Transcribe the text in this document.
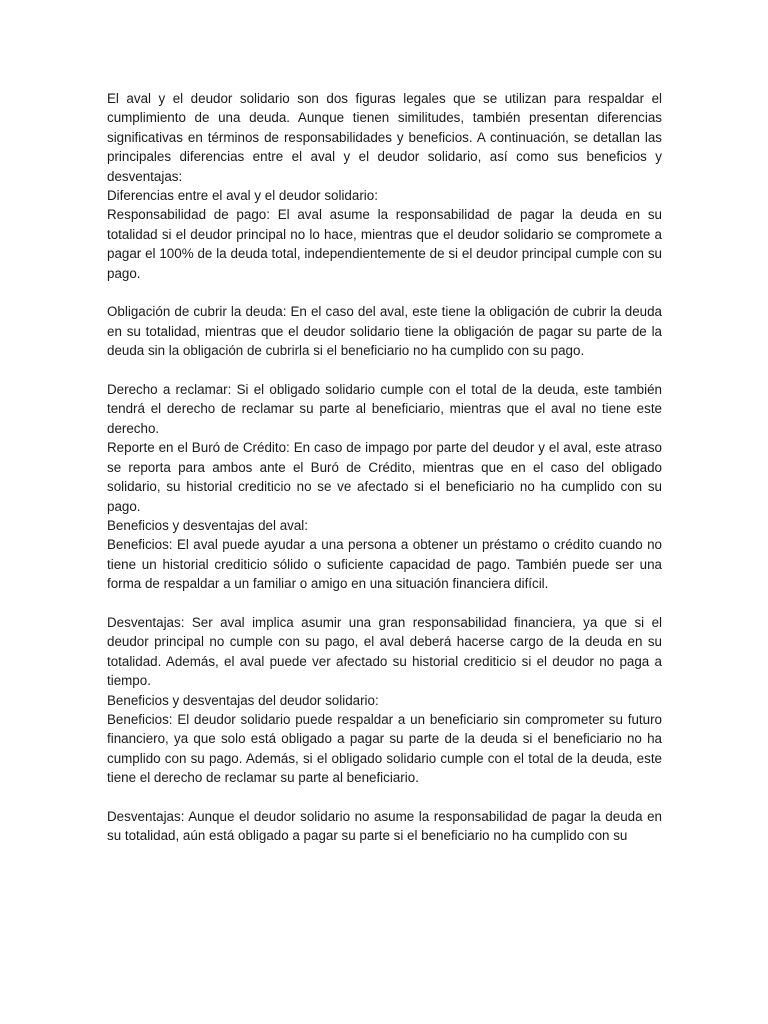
El aval y el deudor solidario son dos figuras legales que se utilizan para respaldar el cumplimiento de una deuda. Aunque tienen similitudes, también presentan diferencias significativas en términos de responsabilidades y beneficios. A continuación, se detallan las principales diferencias entre el aval y el deudor solidario, así como sus beneficios y desventajas:

Diferencias entre el aval y el deudor solidario:

Responsabilidad de pago: El aval asume la responsabilidad de pagar la deuda en su totalidad si el deudor principal no lo hace, mientras que el deudor solidario se compromete a pagar el 100% de la deuda total, independientemente de si el deudor principal cumple con su pago.

Obligación de cubrir la deuda: En el caso del aval, este tiene la obligación de cubrir la deuda en su totalidad, mientras que el deudor solidario tiene la obligación de pagar su parte de la deuda sin la obligación de cubrirla si el beneficiario no ha cumplido con su pago.

Derecho a reclamar: Si el obligado solidario cumple con el total de la deuda, este también tendrá el derecho de reclamar su parte al beneficiario, mientras que el aval no tiene este derecho.

Reporte en el Buró de Crédito: En caso de impago por parte del deudor y el aval, este atraso se reporta para ambos ante el Buró de Crédito, mientras que en el caso del obligado solidario, su historial crediticio no se ve afectado si el beneficiario no ha cumplido con su pago.

Beneficios y desventajas del aval:

Beneficios: El aval puede ayudar a una persona a obtener un préstamo o crédito cuando no tiene un historial crediticio sólido o suficiente capacidad de pago. También puede ser una forma de respaldar a un familiar o amigo en una situación financiera difícil.

Desventajas: Ser aval implica asumir una gran responsabilidad financiera, ya que si el deudor principal no cumple con su pago, el aval deberá hacerse cargo de la deuda en su totalidad. Además, el aval puede ver afectado su historial crediticio si el deudor no paga a tiempo.

Beneficios y desventajas del deudor solidario:

Beneficios: El deudor solidario puede respaldar a un beneficiario sin comprometer su futuro financiero, ya que solo está obligado a pagar su parte de la deuda si el beneficiario no ha cumplido con su pago. Además, si el obligado solidario cumple con el total de la deuda, este tiene el derecho de reclamar su parte al beneficiario.

Desventajas: Aunque el deudor solidario no asume la responsabilidad de pagar la deuda en su totalidad, aún está obligado a pagar su parte si el beneficiario no ha cumplido con su
